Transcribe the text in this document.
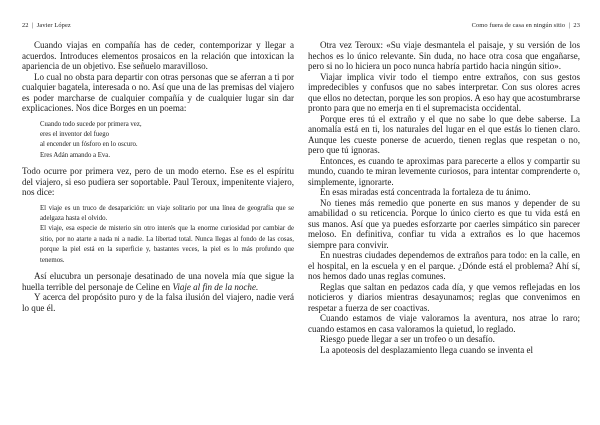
22 | Javier López

Cuando viajas en compañía has de ceder, contemporizar y llegar a acuerdos. Introduces elementos prosaicos en la relación que intoxican la apariencia de un objetivo. Ese señuelo maravilloso.

Lo cual no obsta para departir con otras personas que se aferran a ti por cualquier bagatela, interesada o no. Así que una de las premisas del viajero es poder marcharse de cualquier compañía y de cualquier lugar sin dar explicaciones. Nos dice Borges en un poema:

Cuando todo sucede por primera vez,
eres el inventor del fuego
al encender un fósforo en lo oscuro.
Eres Adán amando a Eva.

Todo ocurre por primera vez, pero de un modo eterno. Ese es el espíritu del viajero, si eso pudiera ser soportable. Paul Teroux, impenitente viajero, nos dice:

El viaje es un truco de desaparición: un viaje solitario por una línea de geografía que se adelgaza hasta el olvido.

El viaje, esa especie de misterio sin otro interés que la enorme curiosidad por cambiar de sitio, por no atarte a nada ni a nadie. La libertad total. Nunca llegas al fondo de las cosas, porque la piel está en la superficie y, bastantes veces, la piel es lo más profundo que tenemos.

Así elucubra un personaje desatinado de una novela mía que sigue la huella terrible del personaje de Celine en Viaje al fin de la noche.

Y acerca del propósito puro y de la falsa ilusión del viajero, nadie verá lo que él.

Como fuera de casa en ningún sitio | 23

Otra vez Teroux: «Su viaje desmantela el paisaje, y su versión de los hechos es lo único relevante. Sin duda, no hace otra cosa que engañarse, pero si no lo hiciera un poco nunca habría partido hacia ningún sitio».

Viajar implica vivir todo el tiempo entre extraños, con sus gestos impredecibles y confusos que no sabes interpretar. Con sus olores acres que ellos no detectan, porque les son propios. A eso hay que acostumbrarse pronto para que no emerja en ti el supremacista occidental.

Porque eres tú el extraño y el que no sabe lo que debe saberse. La anomalía está en ti, los naturales del lugar en el que estás lo tienen claro. Aunque les cueste ponerse de acuerdo, tienen reglas que respetan o no, pero que tú ignoras.

Entonces, es cuando te aproximas para parecerte a ellos y compartir su mundo, cuando te miran levemente curiosos, para intentar comprenderte o, simplemente, ignorarte.

En esas miradas está concentrada la fortaleza de tu ánimo.

No tienes más remedio que ponerte en sus manos y depender de su amabilidad o su reticencia. Porque lo único cierto es que tu vida está en sus manos. Así que ya puedes esforzarte por caerles simpático sin parecer meloso. En definitiva, confiar tu vida a extraños es lo que hacemos siempre para convivir.

En nuestras ciudades dependemos de extraños para todo: en la calle, en el hospital, en la escuela y en el parque. ¿Dónde está el problema? Ahí sí, nos hemos dado unas reglas comunes.

Reglas que saltan en pedazos cada día, y que vemos reflejadas en los noticieros y diarios mientras desayunamos; reglas que convenimos en respetar a fuerza de ser coactivas.

Cuando estamos de viaje valoramos la aventura, nos atrae lo raro; cuando estamos en casa valoramos la quietud, lo reglado.

Riesgo puede llegar a ser un trofeo o un desafío.

La apoteosis del desplazamiento llega cuando se inventa el
